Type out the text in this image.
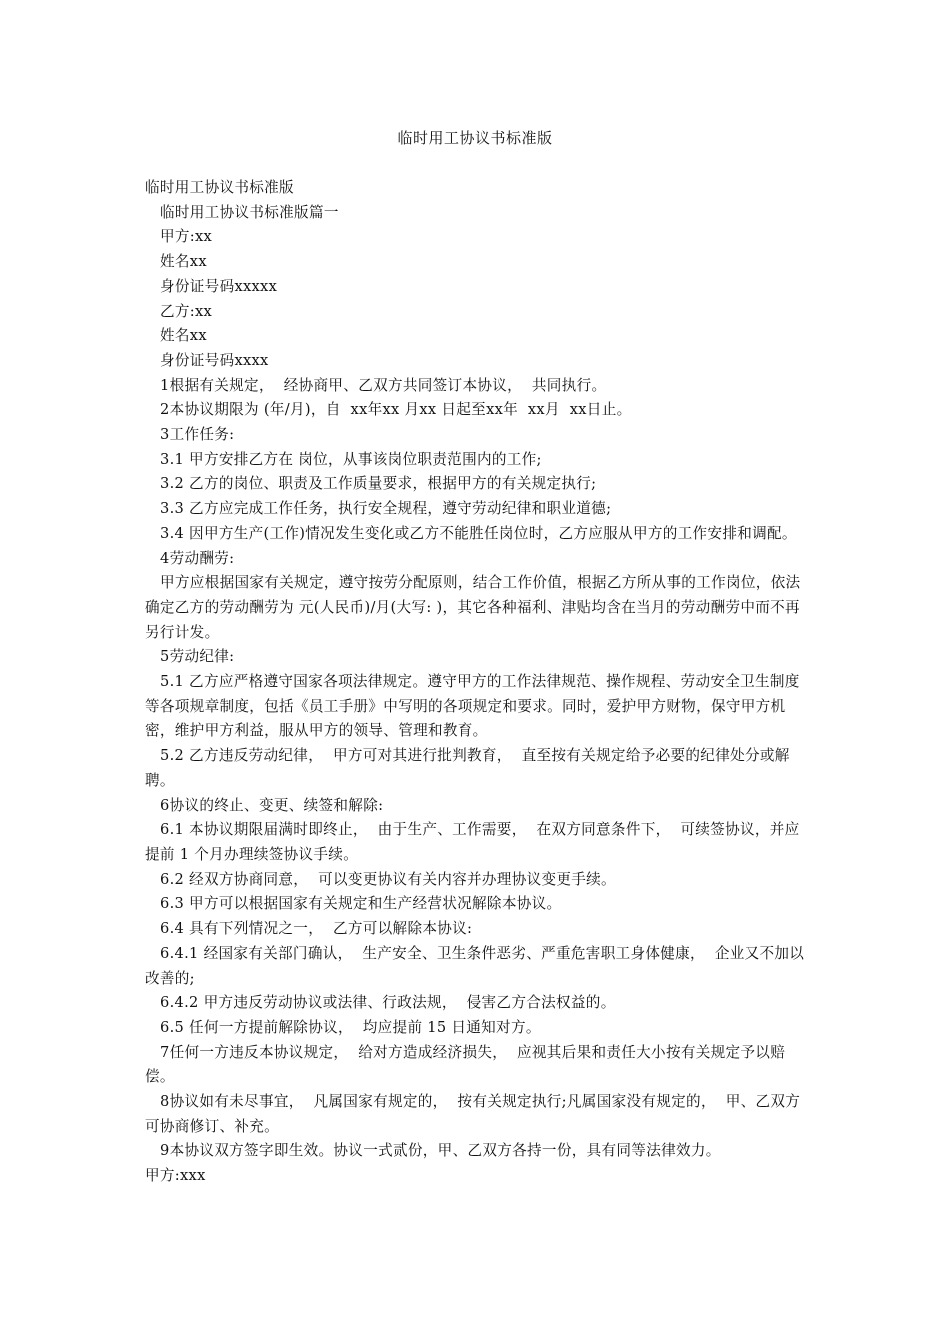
临时用工协议书标准版

临时用工协议书标准版

临时用工协议书标准版篇一

甲方:xx

姓名xx

身份证号码xxxxx

乙方:xx

姓名xx

身份证号码xxxx

1根据有关规定，  经协商甲、乙双方共同签订本协议，  共同执行。

2本协议期限为 (年/月)，自  xx年xx 月xx 日起至xx年  xx月  xx日止。

3工作任务:

3.1 甲方安排乙方在 岗位，从事该岗位职责范围内的工作;

3.2 乙方的岗位、职责及工作质量要求，根据甲方的有关规定执行;

3.3 乙方应完成工作任务，执行安全规程，遵守劳动纪律和职业道德;

3.4 因甲方生产(工作)情况发生变化或乙方不能胜任岗位时，乙方应服从甲方的工作安排和调配。

4劳动酬劳:

甲方应根据国家有关规定，遵守按劳分配原则，结合工作价值，根据乙方所从事的工作岗位，依法确定乙方的劳动酬劳为 元(人民币)/月(大写: )，其它各种福利、津贴均含在当月的劳动酬劳中而不再另行计发。

5劳动纪律:

5.1 乙方应严格遵守国家各项法律规定。遵守甲方的工作法律规范、操作规程、劳动安全卫生制度等各项规章制度，包括《员工手册》中写明的各项规定和要求。同时，爱护甲方财物，保守甲方机密，维护甲方利益，服从甲方的领导、管理和教育。

5.2 乙方违反劳动纪律，  甲方可对其进行批判教育，  直至按有关规定给予必要的纪律处分或解聘。

6协议的终止、变更、续签和解除:

6.1 本协议期限届满时即终止，  由于生产、工作需要，  在双方同意条件下，  可续签协议，并应提前 1 个月办理续签协议手续。

6.2 经双方协商同意，  可以变更协议有关内容并办理协议变更手续。

6.3 甲方可以根据国家有关规定和生产经营状况解除本协议。

6.4 具有下列情况之一，  乙方可以解除本协议:

6.4.1 经国家有关部门确认，  生产安全、卫生条件恶劣、严重危害职工身体健康，  企业又不加以改善的;

6.4.2 甲方违反劳动协议或法律、行政法规，  侵害乙方合法权益的。

6.5 任何一方提前解除协议，  均应提前 15 日通知对方。

7任何一方违反本协议规定，  给对方造成经济损失，  应视其后果和责任大小按有关规定予以赔偿。

8协议如有未尽事宜，  凡属国家有规定的，  按有关规定执行;凡属国家没有规定的，  甲、乙双方可协商修订、补充。

9本协议双方签字即生效。协议一式贰份，甲、乙双方各持一份，具有同等法律效力。

甲方:xxx
